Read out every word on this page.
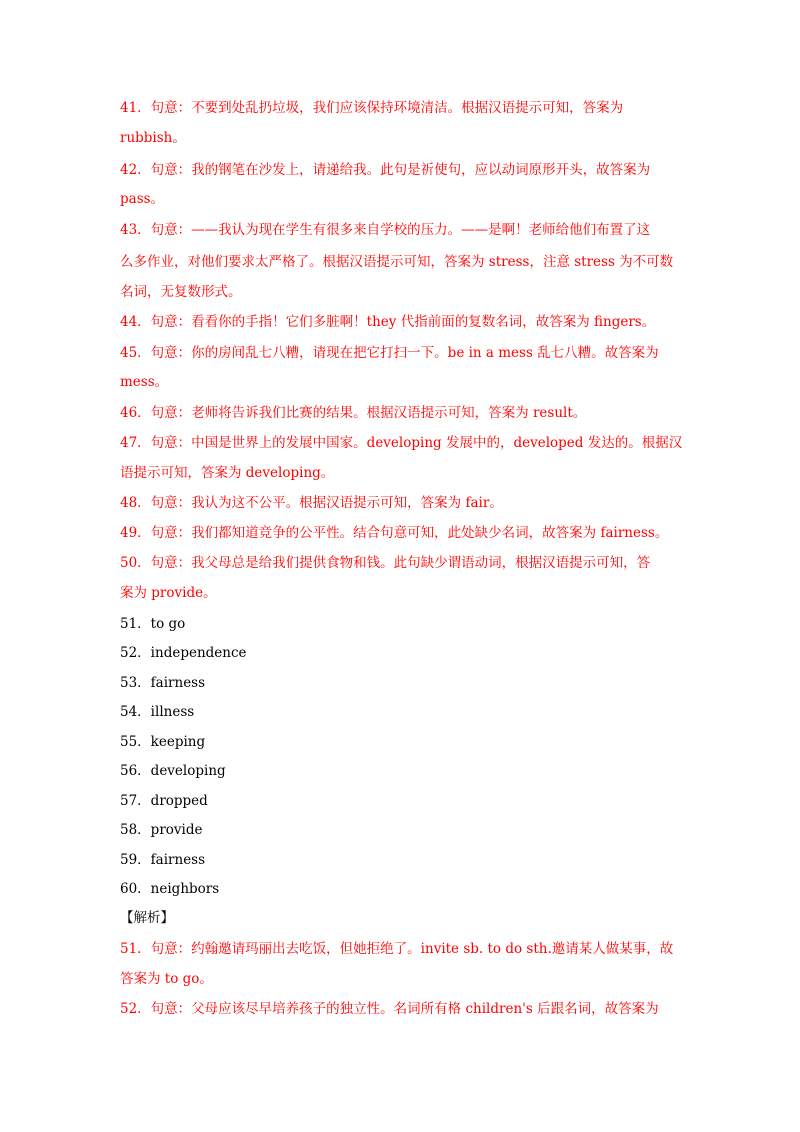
41．句意：不要到处乱扔垃圾，我们应该保持环境清洁。根据汉语提示可知，答案为
rubbish。
42．句意：我的钢笔在沙发上，请递给我。此句是祈使句，应以动词原形开头，故答案为
pass。
43．句意：——我认为现在学生有很多来自学校的压力。——是啊！老师给他们布置了这
么多作业，对他们要求太严格了。根据汉语提示可知，答案为 stress，注意 stress 为不可数
名词，无复数形式。
44．句意：看看你的手指！它们多脏啊！they 代指前面的复数名词，故答案为 fingers。
45．句意：你的房间乱七八糟，请现在把它打扫一下。be in a mess 乱七八糟。故答案为
mess。
46．句意：老师将告诉我们比赛的结果。根据汉语提示可知，答案为 result。
47．句意：中国是世界上的发展中国家。developing 发展中的，developed 发达的。根据汉
语提示可知，答案为 developing。
48．句意：我认为这不公平。根据汉语提示可知，答案为 fair。
49．句意：我们都知道竞争的公平性。结合句意可知，此处缺少名词，故答案为 fairness。
50．句意：我父母总是给我们提供食物和钱。此句缺少谓语动词，根据汉语提示可知，答
案为 provide。
51．to go
52．independence
53．fairness
54．illness
55．keeping
56．developing
57．dropped
58．provide
59．fairness
60．neighbors
【解析】
51．句意：约翰邀请玛丽出去吃饭，但她拒绝了。invite sb. to do sth.邀请某人做某事，故
答案为 to go。
52．句意：父母应该尽早培养孩子的独立性。名词所有格 children's 后跟名词，故答案为
